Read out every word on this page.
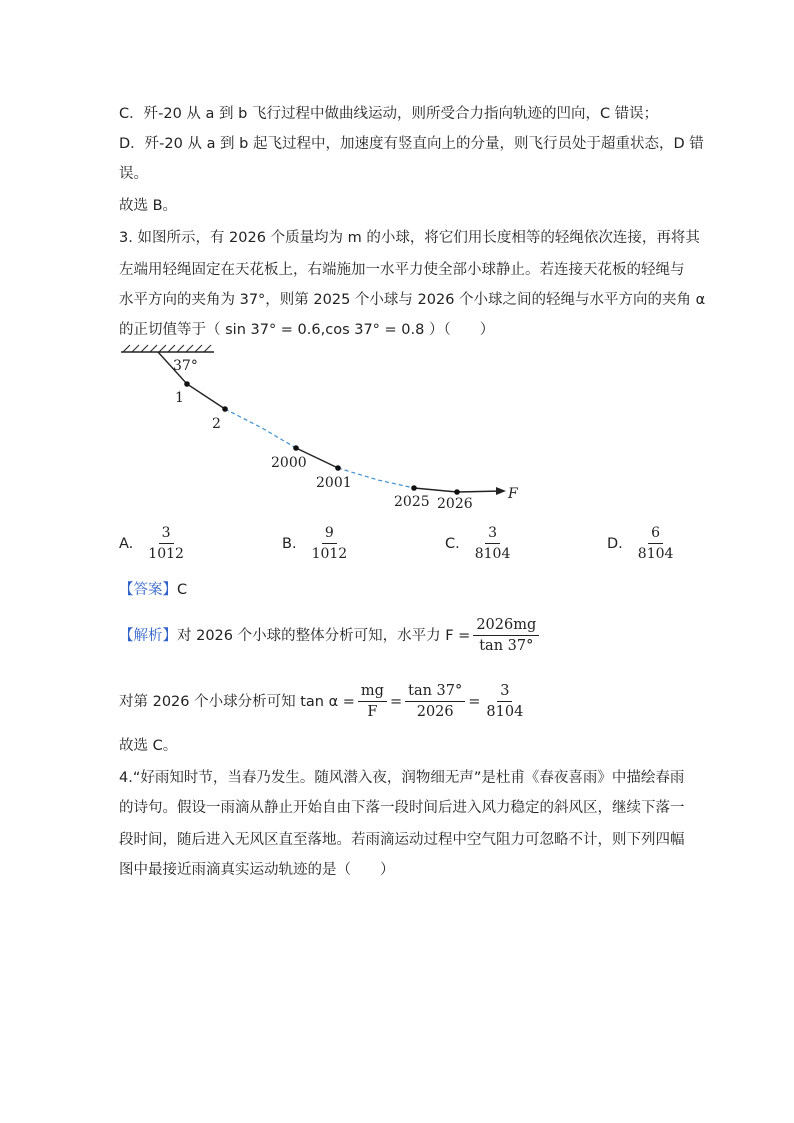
C．歼-20 从 a 到 b 飞行过程中做曲线运动，则所受合力指向轨迹的凹向，C 错误；
D．歼-20 从 a 到 b 起飞过程中，加速度有竖直向上的分量，则飞行员处于超重状态，D 错
误。
故选 B。
3. 如图所示，有 2026 个质量均为 m 的小球，将它们用长度相等的轻绳依次连接，再将其
左端用轻绳固定在天花板上，右端施加一水平力使全部小球静止。若连接天花板的轻绳与
水平方向的夹角为 37°，则第 2025 个小球与 2026 个小球之间的轻绳与水平方向的夹角 α
的正切值等于（ sin 37° = 0.6,cos 37° = 0.8 ）（　　）
37°
1
2
2000
2001
2025 2026
F
A. $\frac{3}{1012}$	B. $\frac{9}{1012}$	C. $\frac{3}{8104}$	D. $\frac{6}{8104}$
【答案】C
【解析】 对 2026 个小球的整体分析可知，水平力 $F = \frac{2026mg}{\tan 37^\circ}$
对第 2026 个小球分析可知 $\tan \alpha = \frac{mg}{F} = \frac{\tan 37^\circ}{2026} = \frac{3}{8104}$
故选 C。
4.“好雨知时节，当春乃发生。随风潜入夜，润物细无声”是杜甫《春夜喜雨》中描绘春雨
的诗句。假设一雨滴从静止开始自由下落一段时间后进入风力稳定的斜风区，继续下落一
段时间，随后进入无风区直至落地。若雨滴运动过程中空气阻力可忽略不计，则下列四幅
图中最接近雨滴真实运动轨迹的是（　　）
